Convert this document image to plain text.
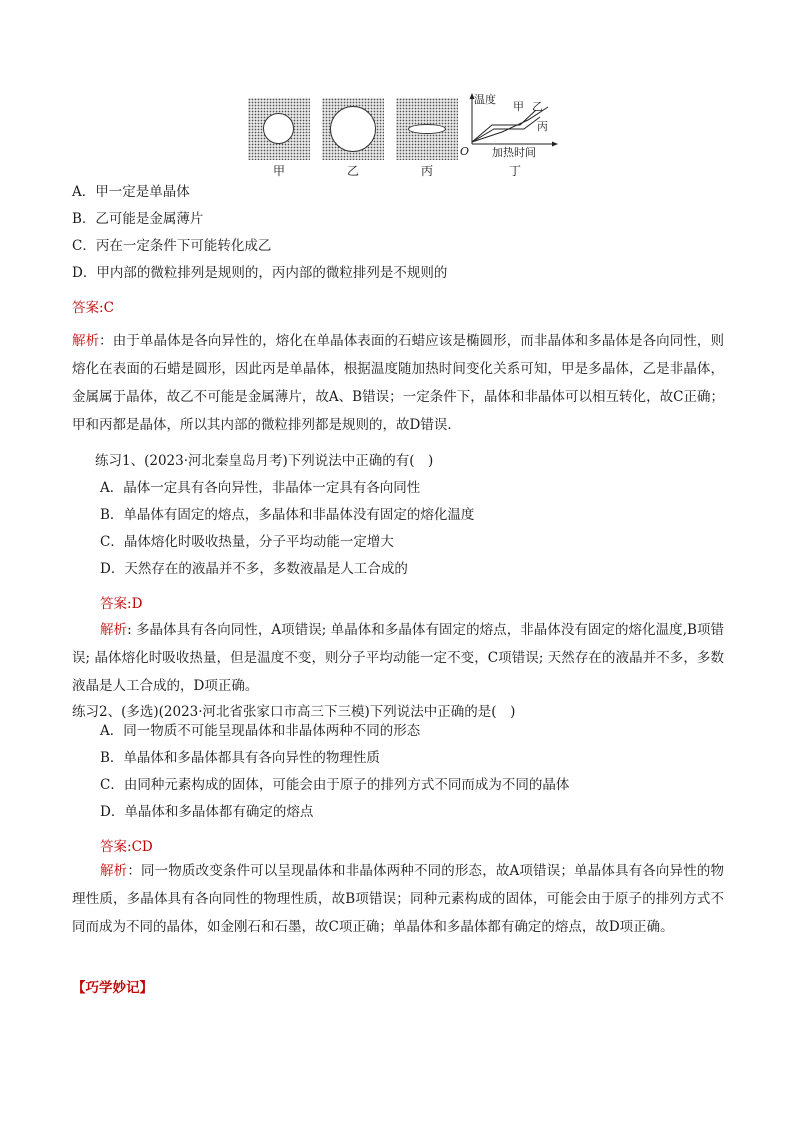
温度
甲 乙
丙
O 加热时间
甲	乙	丙	丁
A．甲一定是单晶体
B．乙可能是金属薄片
C．丙在一定条件下可能转化成乙
D．甲内部的微粒排列是规则的，丙内部的微粒排列是不规则的
答案:C
解析：由于单晶体是各向异性的，熔化在单晶体表面的石蜡应该是椭圆形，而非晶体和多晶体是各向同性，则熔化在表面的石蜡是圆形，因此丙是单晶体，根据温度随加热时间变化关系可知，甲是多晶体，乙是非晶体，金属属于晶体，故乙不可能是金属薄片，故A、B错误；一定条件下，晶体和非晶体可以相互转化，故C正确；甲和丙都是晶体，所以其内部的微粒排列都是规则的，故D错误．
练习1、(2023·河北秦皇岛月考)下列说法中正确的有(　)
A．晶体一定具有各向异性，非晶体一定具有各向同性
B．单晶体有固定的熔点，多晶体和非晶体没有固定的熔化温度
C．晶体熔化时吸收热量，分子平均动能一定增大
D．天然存在的液晶并不多，多数液晶是人工合成的
答案:D
解析: 多晶体具有各向同性，A项错误; 单晶体和多晶体有固定的熔点，非晶体没有固定的熔化温度,B项错误; 晶体熔化时吸收热量，但是温度不变，则分子平均动能一定不变，C项错误; 天然存在的液晶并不多，多数液晶是人工合成的，D项正确。
练习2、(多选)(2023·河北省张家口市高三下三模)下列说法中正确的是(　)
A．同一物质不可能呈现晶体和非晶体两种不同的形态
B．单晶体和多晶体都具有各向异性的物理性质
C．由同种元素构成的固体，可能会由于原子的排列方式不同而成为不同的晶体
D．单晶体和多晶体都有确定的熔点
答案:CD
解析：同一物质改变条件可以呈现晶体和非晶体两种不同的形态，故A项错误；单晶体具有各向异性的物理性质，多晶体具有各向同性的物理性质，故B项错误；同种元素构成的固体，可能会由于原子的排列方式不同而成为不同的晶体，如金刚石和石墨，故C项正确；单晶体和多晶体都有确定的熔点，故D项正确。
【巧学妙记】
